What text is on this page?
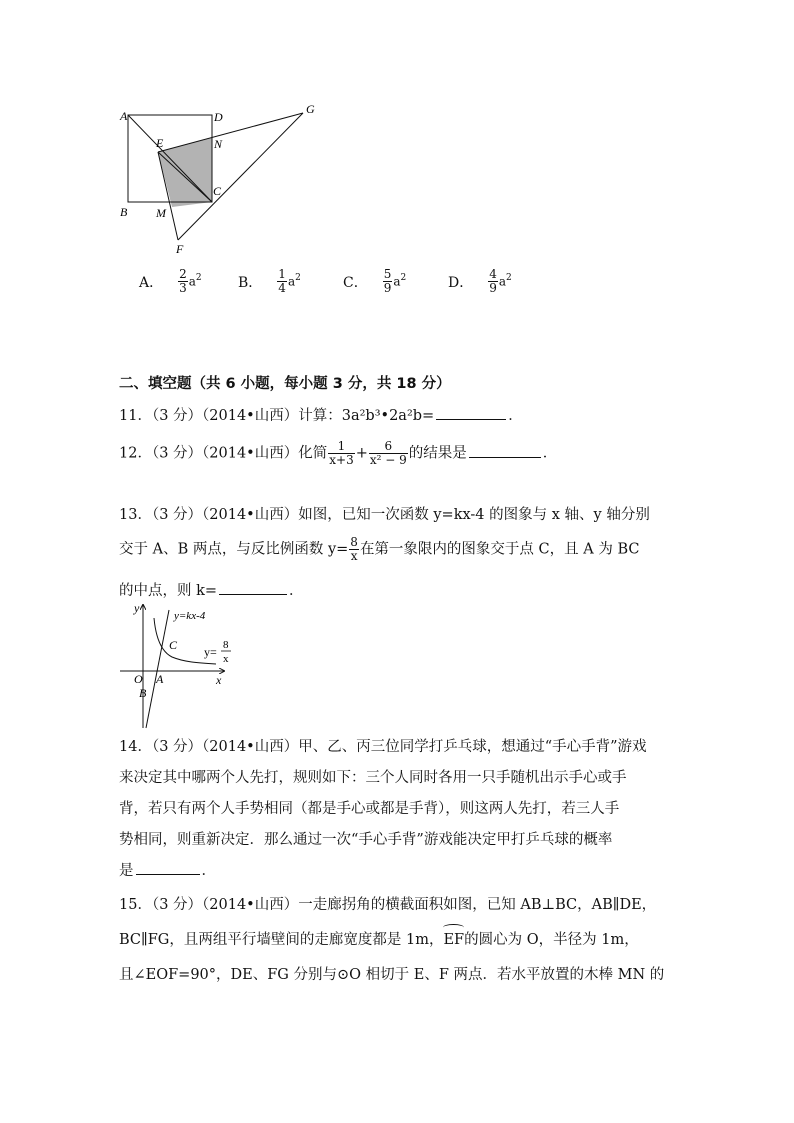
A	D
G
E	N
C
B M
F
A． $\frac{2}{3} a^2$	B． $\frac{1}{4} a^2$	C． $\frac{5}{9} a^2$	D． $\frac{4}{9} a^2$
二、填空题（共 6 小题，每小题 3 分，共 18 分）
11．（3 分）（2014•山西）计算：3a²b³•2a²b=	．
12．（3 分）（2014•山西）化简 $\frac{1}{x+3} + \frac{6}{\text{x² − 9}}$ 的结果是	．
13．（3 分）（2014•山西）如图，已知一次函数 y=kx-4 的图象与 x 轴、y 轴分别
交于 A、B 两点，与反比例函数 $y= \frac{8}{x}$ 在第一象限内的图象交于点 C，且 A 为 BC
的中点，则 k=	．
y=kx-4
y= 8
x
y
x
O A
B
C
14．（3 分）（2014•山西）甲、乙、丙三位同学打乒乓球，想通过“手心手背”游戏
来决定其中哪两个人先打，规则如下：三个人同时各用一只手随机出示手心或手
背，若只有两个人手势相同（都是手心或都是手背），则这两人先打，若三人手
势相同，则重新决定．那么通过一次“手心手背”游戏能决定甲打乒乓球的概率
是	．
15．（3 分）（2014•山西）一走廊拐角的横截面积如图，已知 AB⊥BC，AB∥DE，
BC∥FG，且两组平行墙壁间的走廊宽度都是 1m，
EF的圆心为 O，半径为 1m，
且∠EOF=90°，DE、FG 分别与⊙O 相切于 E、F 两点．若水平放置的木棒 MN 的
